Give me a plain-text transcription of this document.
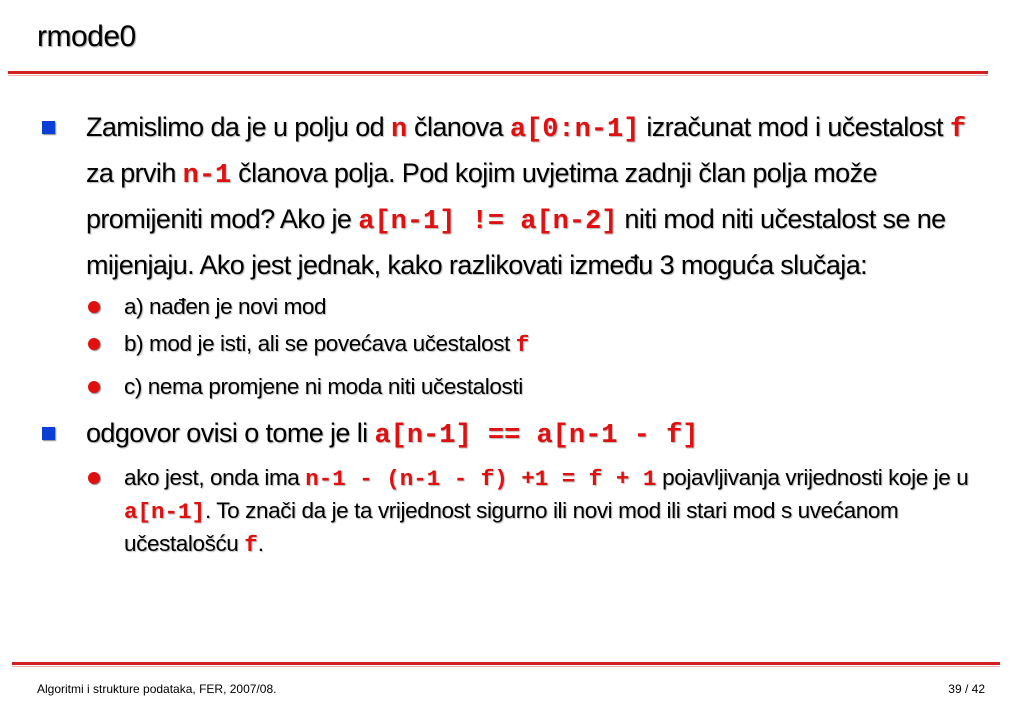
rmode0
Zamislimo da je u polju od n članova a[0:n-1] izračunat mod i učestalost f za prvih n-1 članova polja. Pod kojim uvjetima zadnji član polja može promijeniti mod? Ako je a[n-1] != a[n-2] niti mod niti učestalost se ne mijenjaju. Ako jest jednak, kako razlikovati između 3 moguća slučaja:
a) nađen je novi mod
b) mod je isti, ali se povećava učestalost f
c) nema promjene ni moda niti učestalosti
odgovor ovisi o tome je li a[n-1] == a[n-1 - f]
ako jest, onda ima n-1 - (n-1 - f) +1 = f + 1 pojavljivanja vrijednosti koje je u a[n-1]. To znači da je ta vrijednost sigurno ili novi mod ili stari mod s uvećanom učestalošću f.
Algoritmi i strukture podataka, FER, 2007/08.	39 / 42
